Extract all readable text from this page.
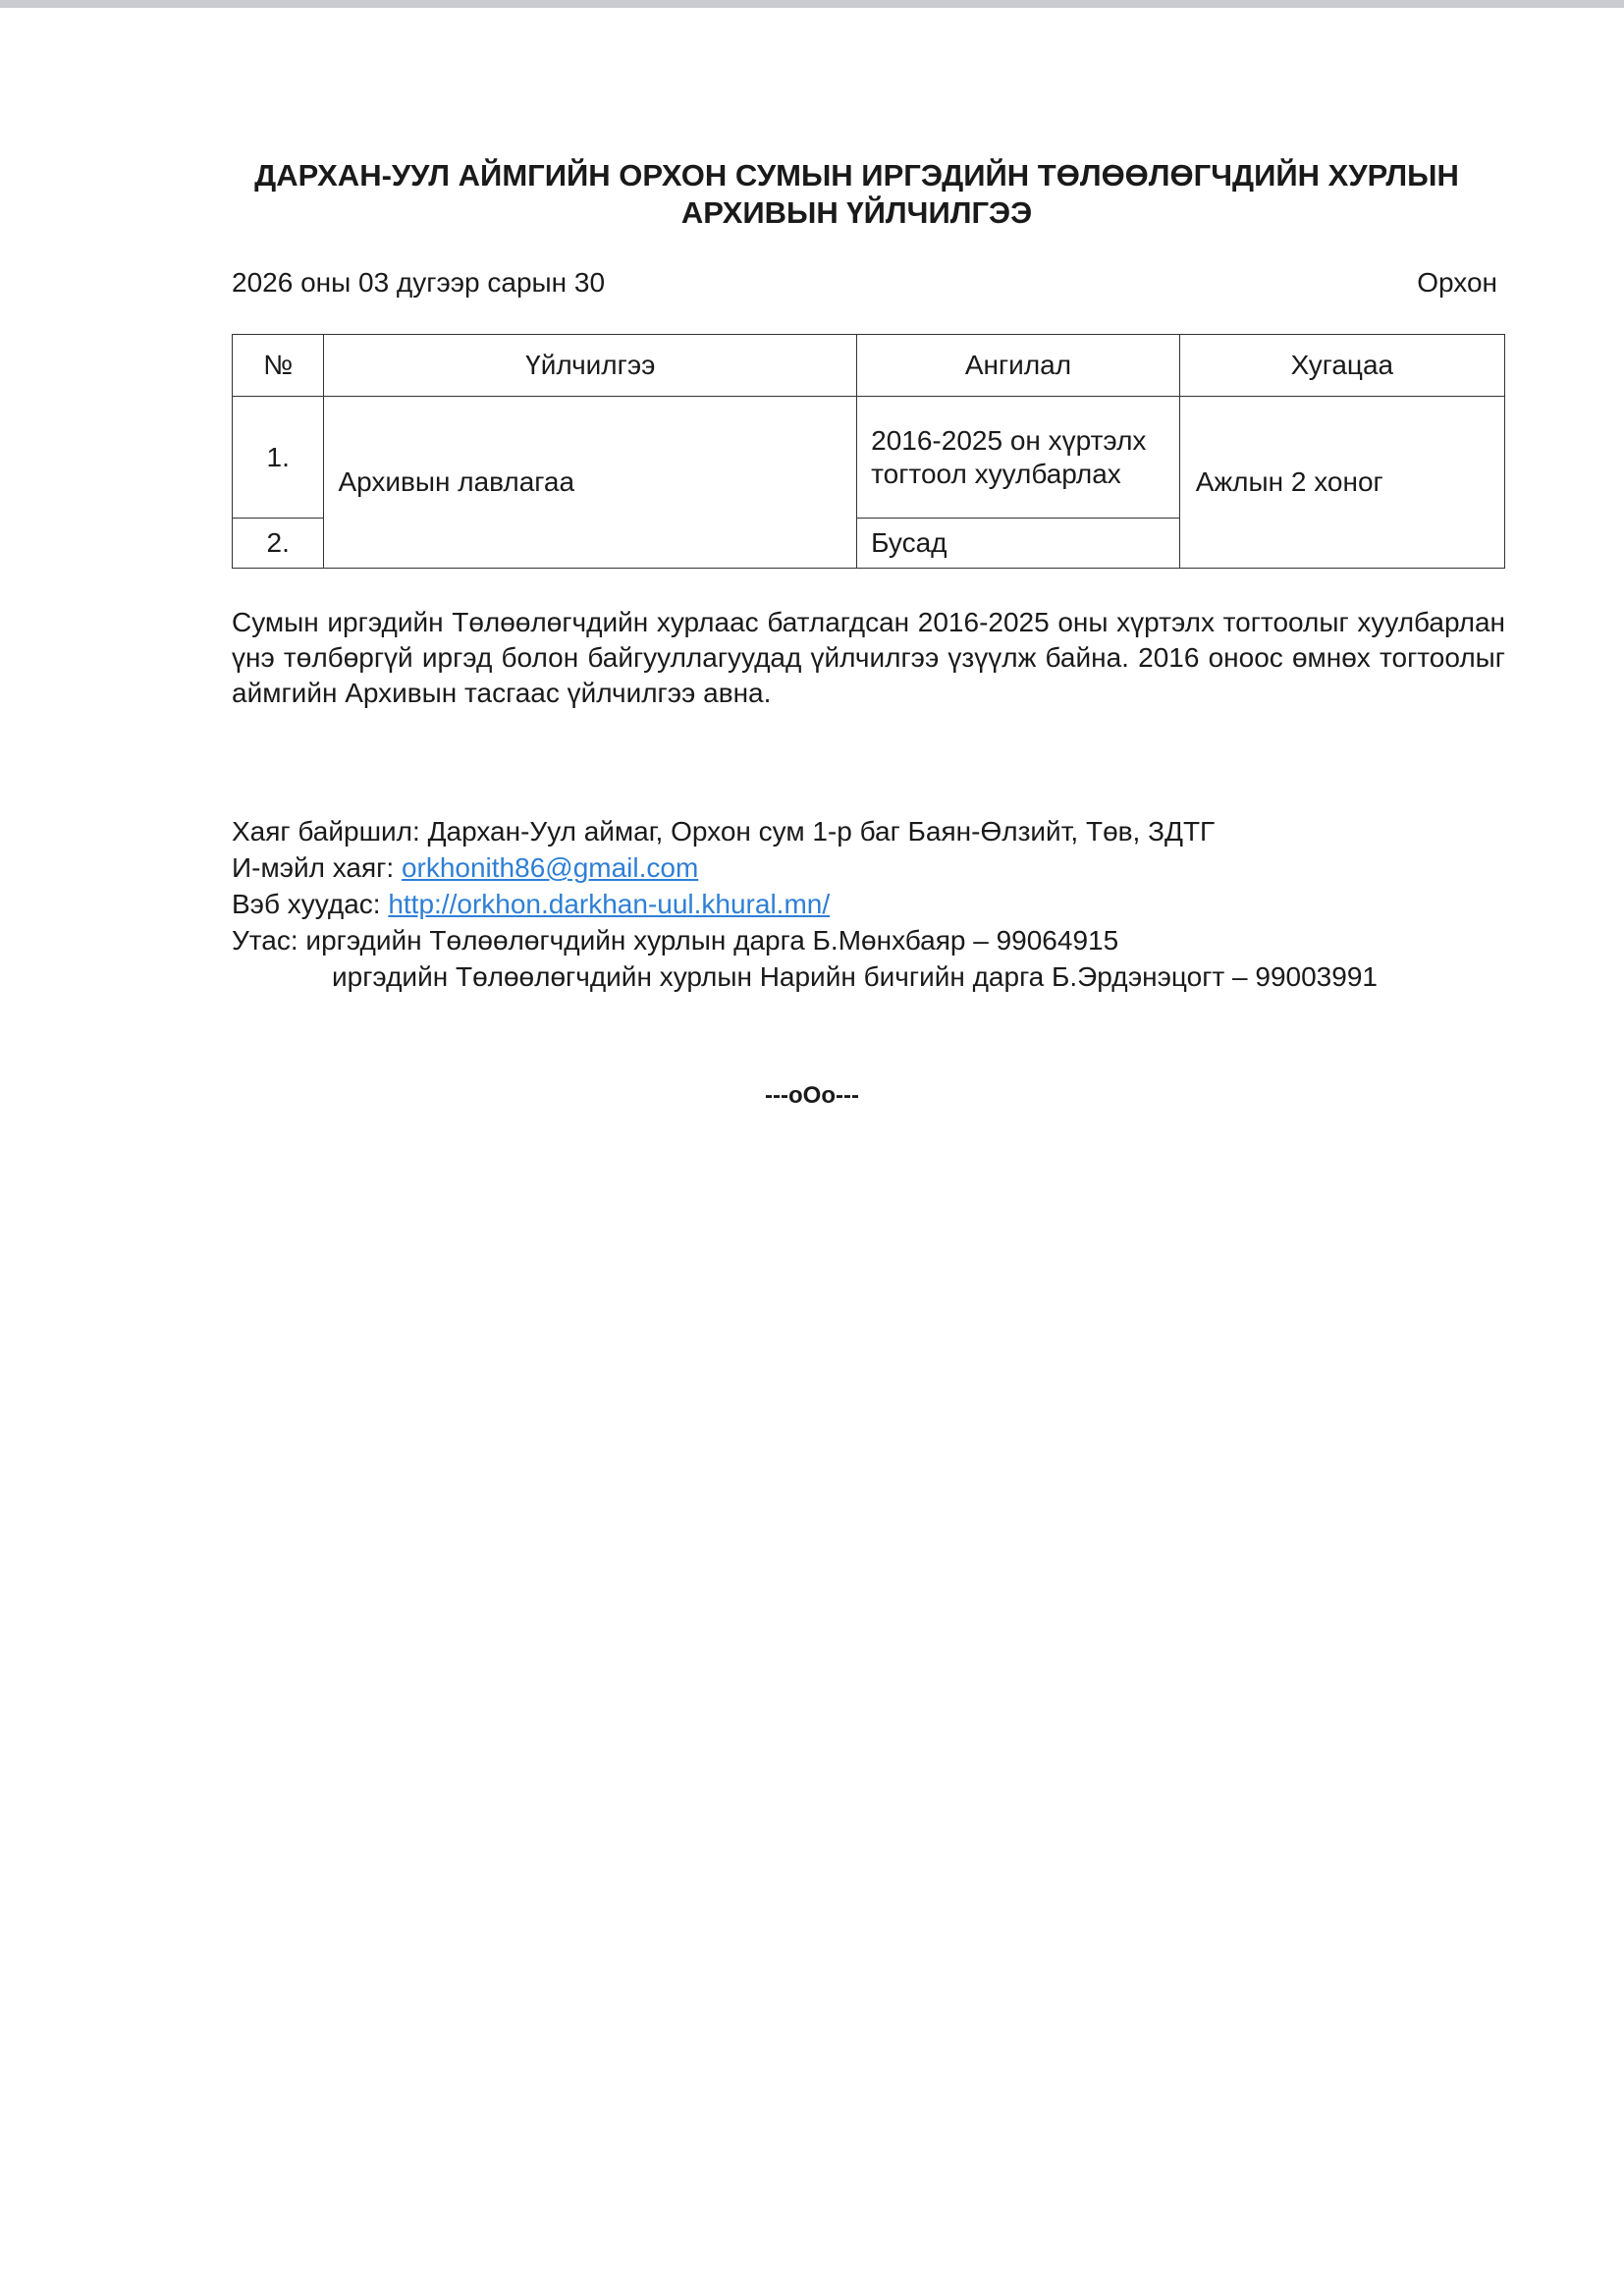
ДАРХАН-УУЛ АЙМГИЙН ОРХОН СУМЫН ИРГЭДИЙН ТӨЛӨӨЛӨГЧДИЙН ХУРЛЫН
АРХИВЫН ҮЙЛЧИЛГЭЭ
2026 оны 03 дугээр сарын 30	Орхон
№	Үйлчилгээ	Ангилал	Хугацаа
1.	Архивын лавлагаа	2016-2025 он хүртэлх тогтоол хуулбарлах	Ажлын 2 хоног
2.		Бусад	

Сумын иргэдийн Төлөөлөгчдийн хурлаас батлагдсан 2016-2025 оны хүртэлх тогтоолыг хуулбарлан үнэ төлбөргүй иргэд болон байгууллагуудад үйлчилгээ үзүүлж байна. 2016 оноос өмнөх тогтоолыг аймгийн Архивын тасгаас үйлчилгээ авна.

Хаяг байршил: Дархан-Уул аймаг, Орхон сум 1-р баг Баян-Өлзийт, Төв, ЗДТГ
И-мэйл хаяг: orkhonith86@gmail.com
Вэб хуудас: http://orkhon.darkhan-uul.khural.mn/
Утас: иргэдийн Төлөөлөгчдийн хурлын дарга Б.Мөнхбаяр – 99064915
иргэдийн Төлөөлөгчдийн хурлын Нарийн бичгийн дарга Б.Эрдэнэцогт – 99003991
---oOo---
